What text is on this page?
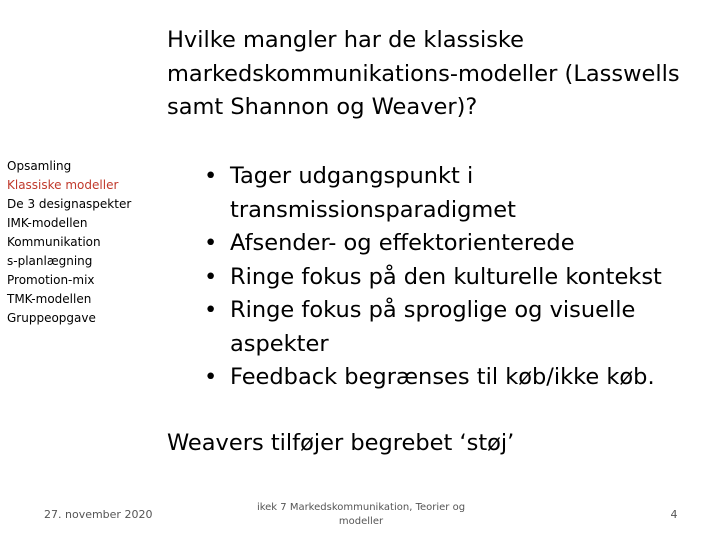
Hvilke mangler har de klassiske markedskommunikations-modeller (Lasswells samt Shannon og Weaver)?
Opsamling
Klassiske modeller
De 3 designaspekter
IMK-modellen
Kommunikations-planlægning
Promotion-mix
TMK-modellen
Gruppeopgave
• Tager udgangspunkt i transmissionsparadigmet
• Afsender- og effektorienterede
• Ringe fokus på den kulturelle kontekst
• Ringe fokus på sproglige og visuelle aspekter
• Feedback begrænses til køb/ikke køb.
Weavers tilføjer begrebet ‘støj’
27. november 2020
ikek 7 Markedskommunikation, Teorier og modeller
4
